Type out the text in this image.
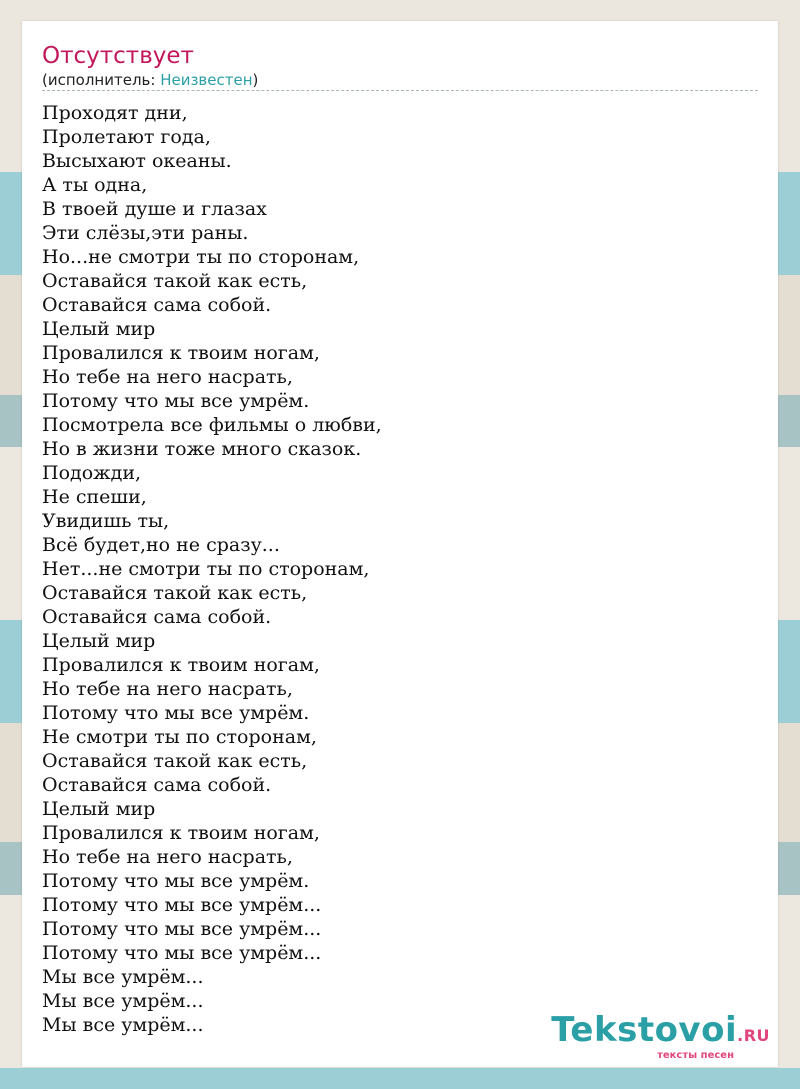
Отсутствует
(исполнитель: Неизвестен)
Проходят дни,
Пролетают года,
Высыхают океаны.
А ты одна,
В твоей душе и глазах
Эти слёзы,эти раны.
Но...не смотри ты по сторонам,
Оставайся такой как есть,
Оставайся сама собой.
Целый мир
Провалился к твоим ногам,
Но тебе на него насрать,
Потому что мы все умрём.
Посмотрела все фильмы о любви,
Но в жизни тоже много сказок.
Подожди,
Не спеши,
Увидишь ты,
Всё будет,но не сразу...
Нет...не смотри ты по сторонам,
Оставайся такой как есть,
Оставайся сама собой.
Целый мир
Провалился к твоим ногам,
Но тебе на него насрать,
Потому что мы все умрём.
Не смотри ты по сторонам,
Оставайся такой как есть,
Оставайся сама собой.
Целый мир
Провалился к твоим ногам,
Но тебе на него насрать,
Потому что мы все умрём.
Потому что мы все умрём...
Потому что мы все умрём...
Потому что мы все умрём...
Мы все умрём...
Мы все умрём...
Мы все умрём...	Tekstovoi.RU
тексты песен
